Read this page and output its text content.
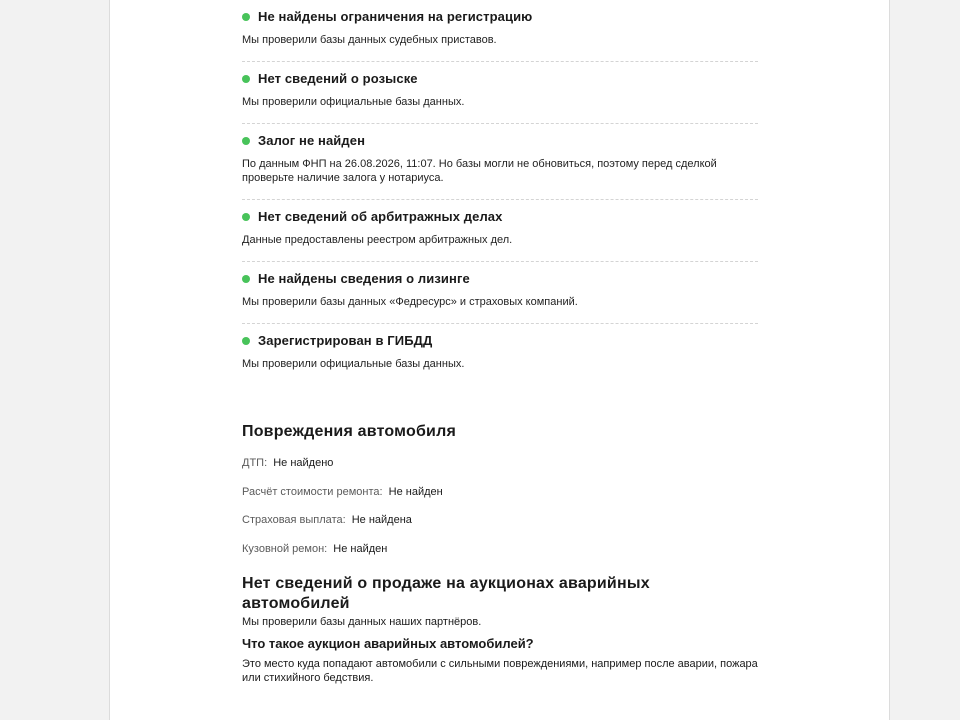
Не найдены ограничения на регистрацию
Мы проверили базы данных судебных приставов.
Нет сведений о розыске
Мы проверили официальные базы данных.
Залог не найден
По данным ФНП на 26.08.2026, 11:07. Но базы могли не обновиться, поэтому перед сделкой проверьте наличие залога у нотариуса.
Нет сведений об арбитражных делах
Данные предоставлены реестром арбитражных дел.
Не найдены сведения о лизинге
Мы проверили базы данных «Федресурс» и страховых компаний.
Зарегистрирован в ГИБДД
Мы проверили официальные базы данных.
Повреждения автомобиля
ДТП: Не найдено
Расчёт стоимости ремонта: Не найден
Страховая выплата: Не найдена
Кузовной ремон: Не найден
Нет сведений о продаже на аукционах аварийных автомобилей
Мы проверили базы данных наших партнёров.
Что такое аукцион аварийных автомобилей?
Это место куда попадают автомобили с сильными повреждениями, например после аварии, пожара или стихийного бедствия.
